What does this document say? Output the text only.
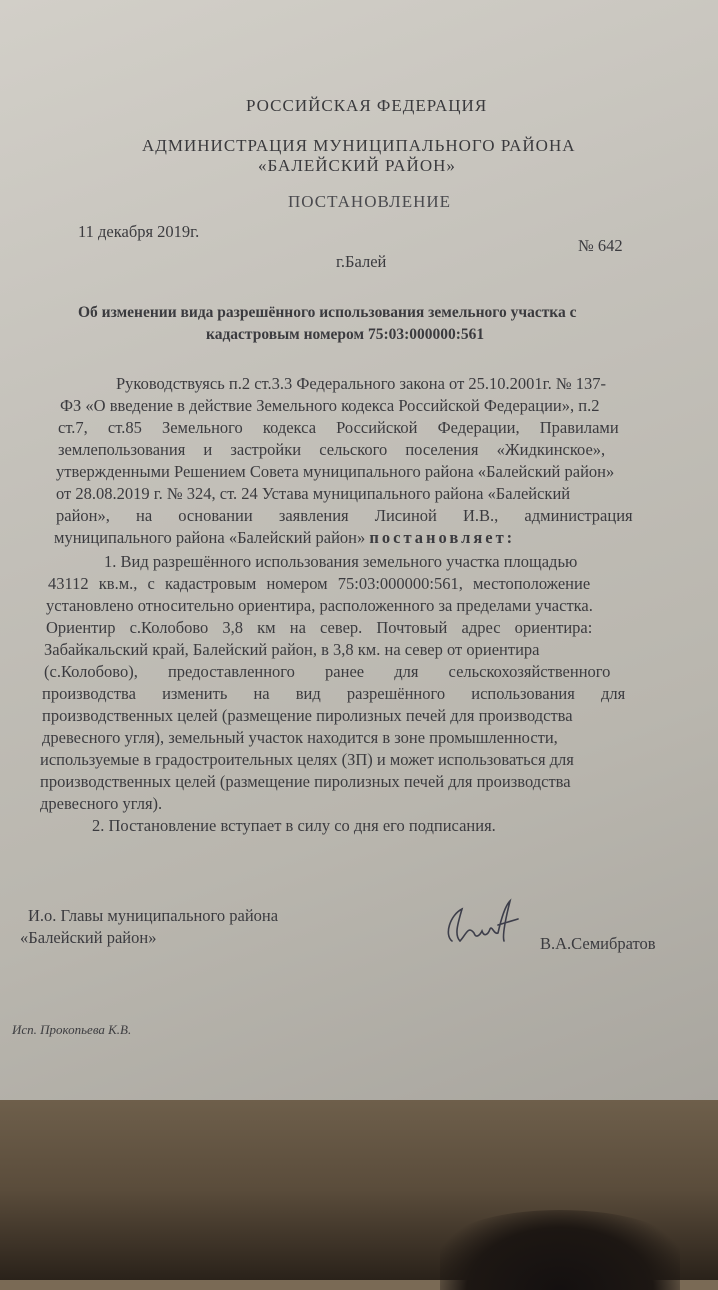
РОССИЙСКАЯ ФЕДЕРАЦИЯ
АДМИНИСТРАЦИЯ МУНИЦИПАЛЬНОГО РАЙОНА
«БАЛЕЙСКИЙ РАЙОН»
ПОСТАНОВЛЕНИЕ
11 декабря 2019г.
№ 642
г.Балей
Об изменении вида разрешённого использования земельного участка с
кадастровым номером 75:03:000000:561
Руководствуясь п.2 ст.3.3 Федерального закона от 25.10.2001г. № 137-
ФЗ «О введение в действие Земельного кодекса Российской Федерации», п.2
ст.7, ст.85 Земельного кодекса Российской Федерации, Правилами
землепользования и застройки сельского поселения «Жидкинское»,
утвержденными Решением Совета муниципального района «Балейский район»
от 28.08.2019 г. № 324, ст. 24 Устава муниципального района «Балейский
район», на основании заявления Лисиной И.В., администрация
муниципального района «Балейский район» постановляет:
1. Вид разрешённого использования земельного участка площадью
43112 кв.м., с кадастровым номером 75:03:000000:561, местоположение
установлено относительно ориентира, расположенного за пределами участка.
Ориентир с.Колобово 3,8 км на север. Почтовый адрес ориентира:
Забайкальский край, Балейский район, в 3,8 км. на север от ориентира
(с.Колобово), предоставленного ранее для сельскохозяйственного
производства изменить на вид разрешённого использования для
производственных целей (размещение пиролизных печей для производства
древесного угля), земельный участок находится в зоне промышленности,
используемые в градостроительных целях (ЗП) и может использоваться для
производственных целей (размещение пиролизных печей для производства
древесного угля).
2. Постановление вступает в силу со дня его подписания.
И.о. Главы муниципального района
«Балейский район»	В.А.Семибратов
Исп. Прокопьева К.В.
